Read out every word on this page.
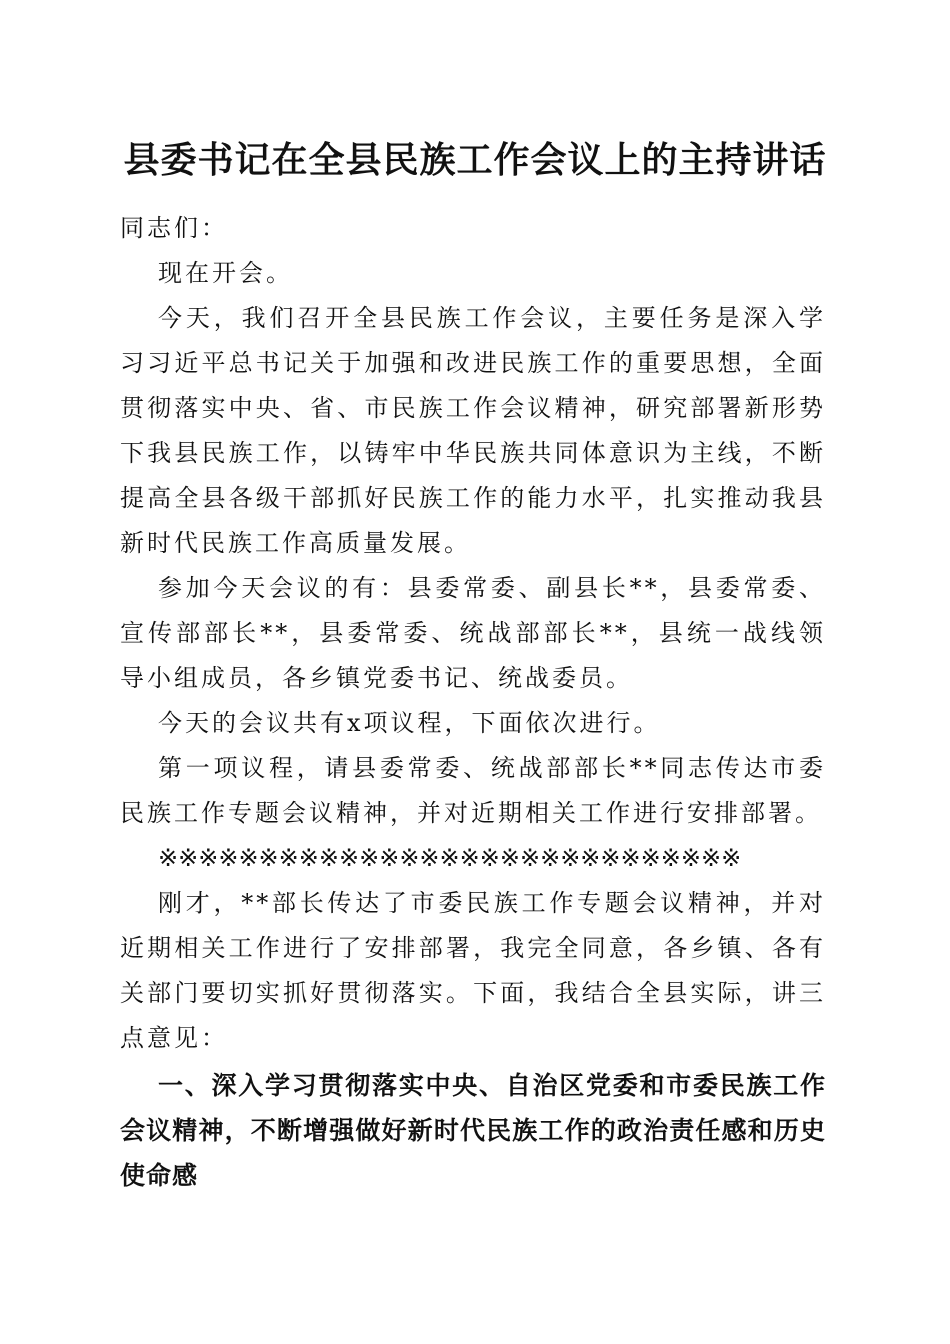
县委书记在全县民族工作会议上的主持讲话

同志们：

现在开会。

今天，我们召开全县民族工作会议，主要任务是深入学习习近平总书记关于加强和改进民族工作的重要思想，全面贯彻落实中央、省、市民族工作会议精神，研究部署新形势下我县民族工作，以铸牢中华民族共同体意识为主线，不断提高全县各级干部抓好民族工作的能力水平，扎实推动我县新时代民族工作高质量发展。

参加今天会议的有：县委常委、副县长**，县委常委、宣传部部长**，县委常委、统战部部长**，县统一战线领导小组成员，各乡镇党委书记、统战委员。

今天的会议共有x项议程，下面依次进行。

第一项议程，请县委常委、统战部部长**同志传达市委民族工作专题会议精神，并对近期相关工作进行安排部署。

※※※※※※※※※※※※※※※※※※※※※※※※※※※※※

刚才，**部长传达了市委民族工作专题会议精神，并对近期相关工作进行了安排部署，我完全同意，各乡镇、各有关部门要切实抓好贯彻落实。下面，我结合全县实际，讲三点意见：

一、深入学习贯彻落实中央、自治区党委和市委民族工作会议精神，不断增强做好新时代民族工作的政治责任感和历史使命感
